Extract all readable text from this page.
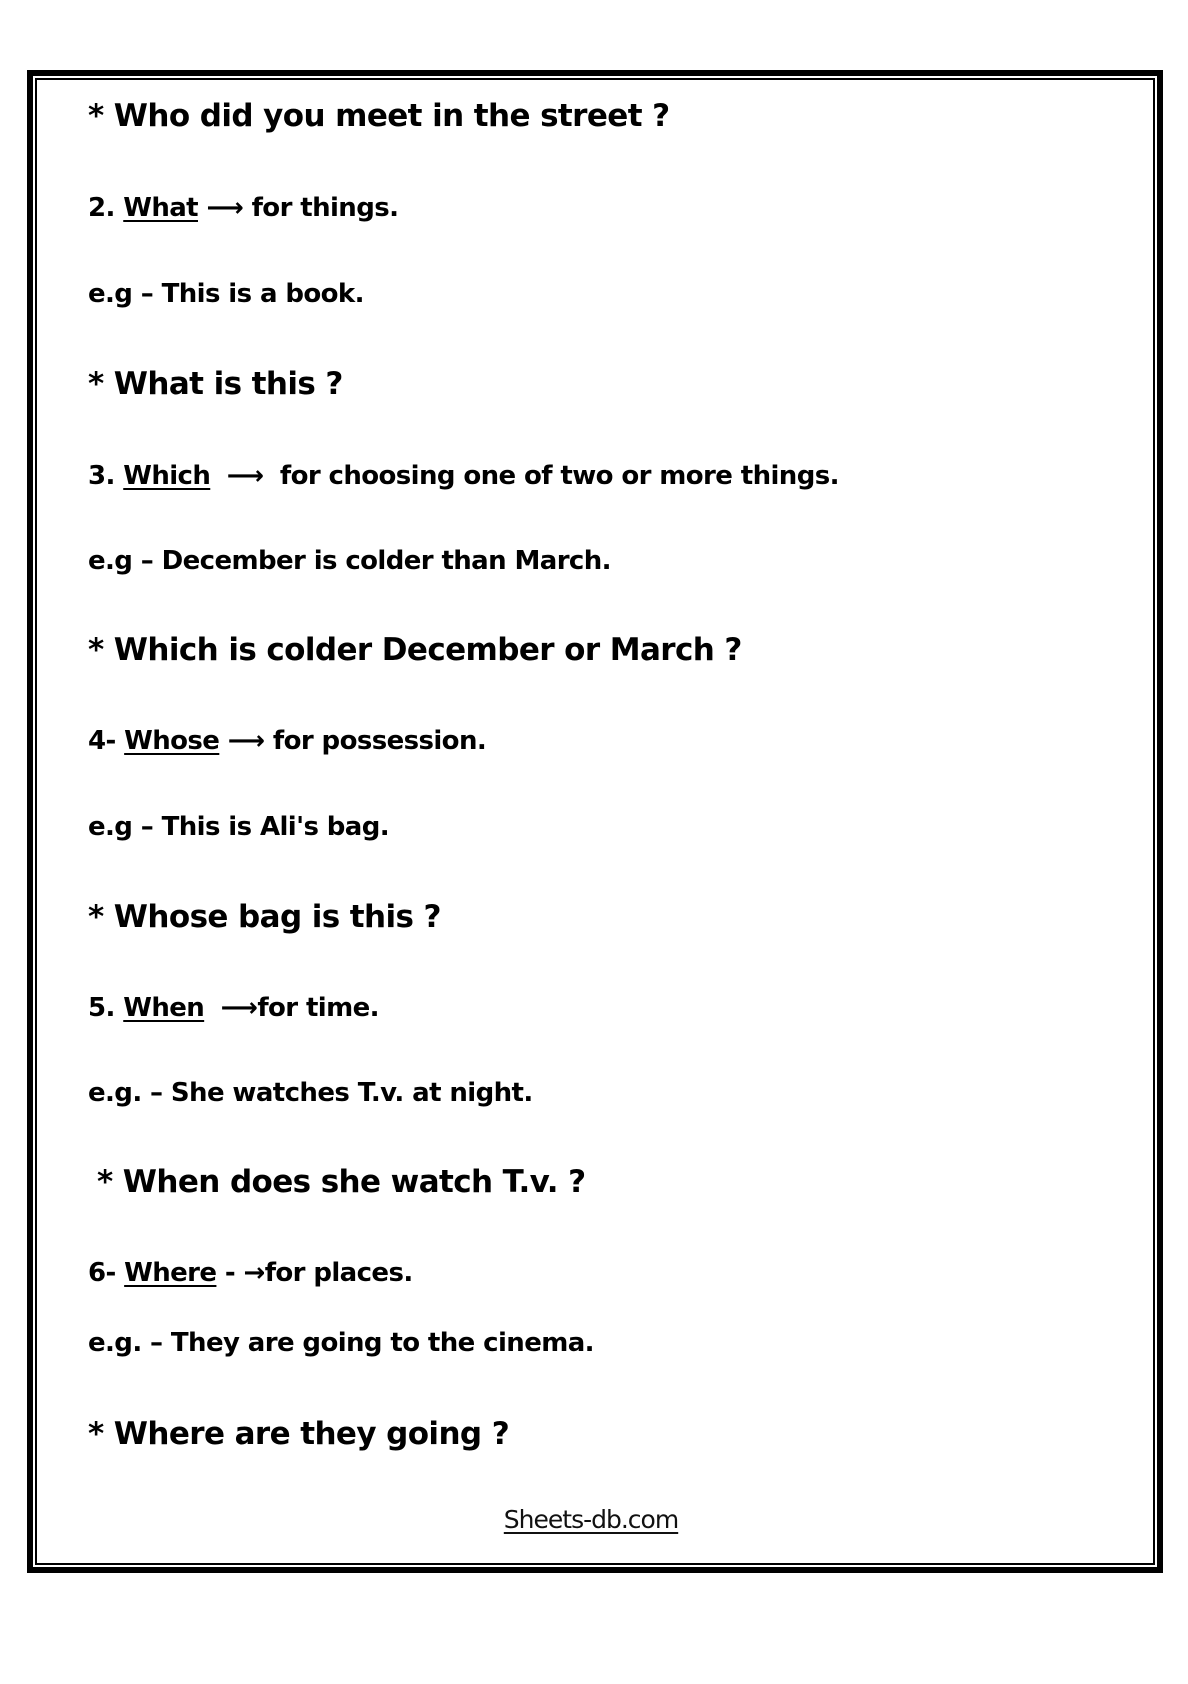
* Who did you meet in the street ?
2. What ⟶ for things.
e.g – This is a book.
* What is this ?
3. Which ⟶ for choosing one of two or more things.
e.g – December is colder than March.
* Which is colder December or March ?
4- Whose ⟶ for possession.
e.g – This is Ali's bag.
* Whose bag is this ?
5. When ⟶for time.
e.g. – She watches T.v. at night.
* When does she watch T.v. ?
6- Where - →for places.
e.g. – They are going to the cinema.
* Where are they going ?
Sheets-db.com
